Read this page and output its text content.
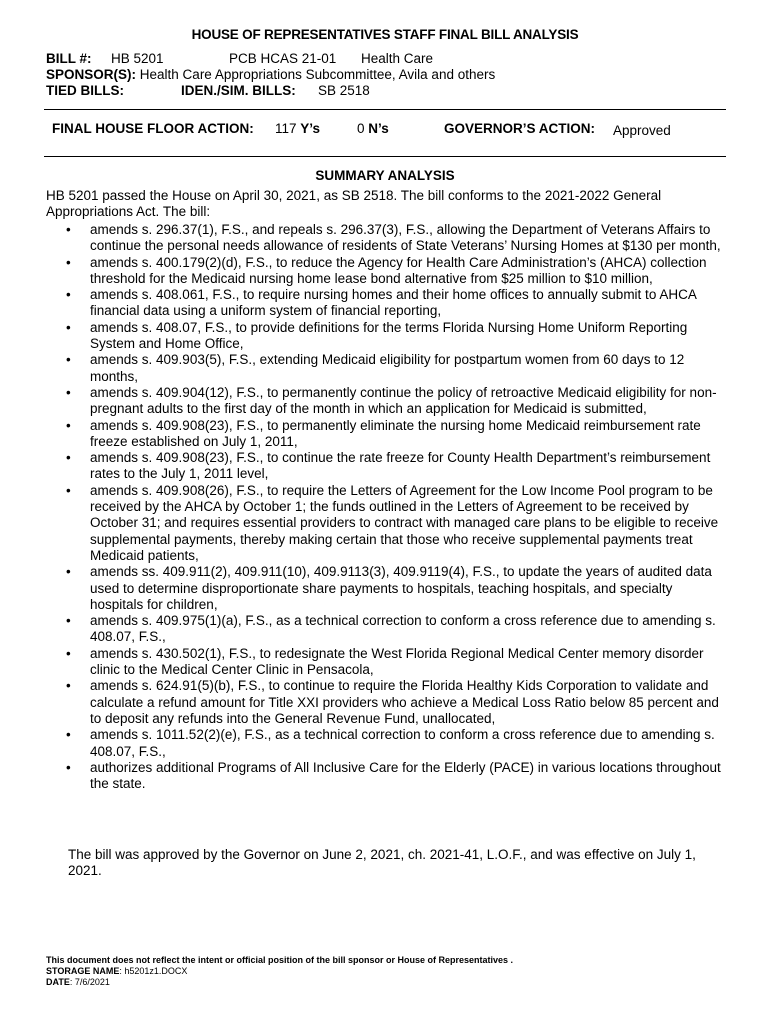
HOUSE OF REPRESENTATIVES STAFF FINAL BILL ANALYSIS
BILL #: HB 5201	PCB HCAS 21-01 Health Care
SPONSOR(S): Health Care Appropriations Subcommittee, Avila and others
TIED BILLS:	IDEN./SIM. BILLS: SB 2518
FINAL HOUSE FLOOR ACTION: 117 Y’s	0 N’s	GOVERNOR’S ACTION: Approved
SUMMARY ANALYSIS
HB 5201 passed the House on April 30, 2021, as SB 2518. The bill conforms to the 2021-2022 General Appropriations Act. The bill:
• amends s. 296.37(1), F.S., and repeals s. 296.37(3), F.S., allowing the Department of Veterans Affairs to continue the personal needs allowance of residents of State Veterans’ Nursing Homes at $130 per month,
• amends s. 400.179(2)(d), F.S., to reduce the Agency for Health Care Administration’s (AHCA) collection threshold for the Medicaid nursing home lease bond alternative from $25 million to $10 million,
• amends s. 408.061, F.S., to require nursing homes and their home offices to annually submit to AHCA financial data using a uniform system of financial reporting,
• amends s. 408.07, F.S., to provide definitions for the terms Florida Nursing Home Uniform Reporting System and Home Office,
• amends s. 409.903(5), F.S., extending Medicaid eligibility for postpartum women from 60 days to 12 months,
• amends s. 409.904(12), F.S., to permanently continue the policy of retroactive Medicaid eligibility for non-pregnant adults to the first day of the month in which an application for Medicaid is submitted,
• amends s. 409.908(23), F.S., to permanently eliminate the nursing home Medicaid reimbursement rate freeze established on July 1, 2011,
• amends s. 409.908(23), F.S., to continue the rate freeze for County Health Department’s reimbursement rates to the July 1, 2011 level,
• amends s. 409.908(26), F.S., to require the Letters of Agreement for the Low Income Pool program to be received by the AHCA by October 1; the funds outlined in the Letters of Agreement to be received by October 31; and requires essential providers to contract with managed care plans to be eligible to receive supplemental payments, thereby making certain that those who receive supplemental payments treat Medicaid patients,
• amends ss. 409.911(2), 409.911(10), 409.9113(3), 409.9119(4), F.S., to update the years of audited data used to determine disproportionate share payments to hospitals, teaching hospitals, and specialty hospitals for children,
• amends s. 409.975(1)(a), F.S., as a technical correction to conform a cross reference due to amending s. 408.07, F.S.,
• amends s. 430.502(1), F.S., to redesignate the West Florida Regional Medical Center memory disorder clinic to the Medical Center Clinic in Pensacola,
• amends s. 624.91(5)(b), F.S., to continue to require the Florida Healthy Kids Corporation to validate and calculate a refund amount for Title XXI providers who achieve a Medical Loss Ratio below 85 percent and to deposit any refunds into the General Revenue Fund, unallocated,
• amends s. 1011.52(2)(e), F.S., as a technical correction to conform a cross reference due to amending s. 408.07, F.S.,
• authorizes additional Programs of All Inclusive Care for the Elderly (PACE) in various locations throughout the state.
The bill was approved by the Governor on June 2, 2021, ch. 2021-41, L.O.F., and was effective on July 1, 2021.
This document does not reflect the intent or official position of the bill sponsor or House of Representatives .
STORAGE NAME: h5201z1.DOCX
DATE: 7/6/2021
